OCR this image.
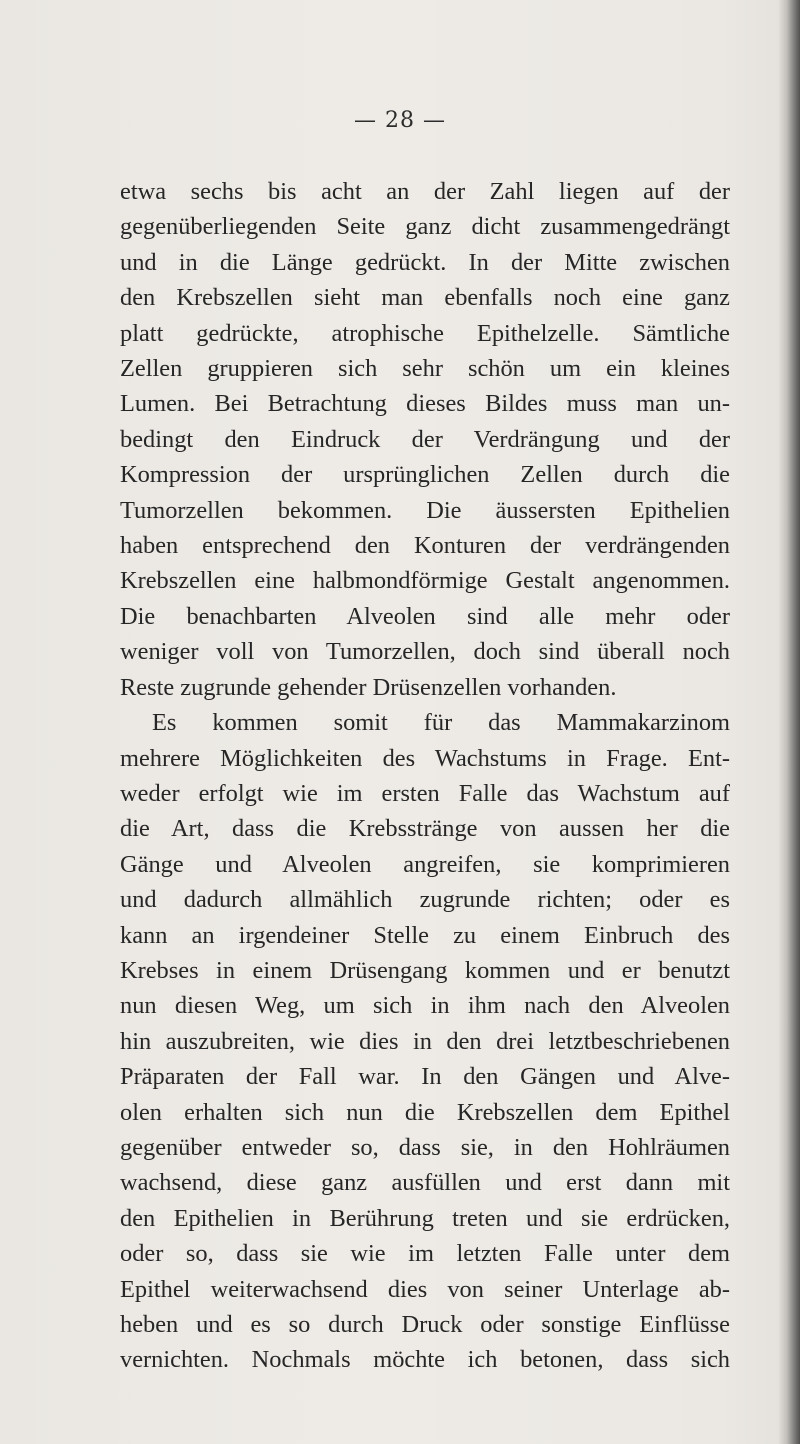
— 28 —
etwa sechs bis acht an der Zahl liegen auf der
gegenüberliegenden Seite ganz dicht zusammengedrängt
und in die Länge gedrückt. In der Mitte zwischen
den Krebszellen sieht man ebenfalls noch eine ganz
platt gedrückte, atrophische Epithelzelle. Sämtliche
Zellen gruppieren sich sehr schön um ein kleines
Lumen. Bei Betrachtung dieses Bildes muss man un-
bedingt den Eindruck der Verdrängung und der
Kompression der ursprünglichen Zellen durch die
Tumorzellen bekommen. Die äussersten Epithelien
haben entsprechend den Konturen der verdrängenden
Krebszellen eine halbmondförmige Gestalt angenommen.
Die benachbarten Alveolen sind alle mehr oder
weniger voll von Tumorzellen, doch sind überall noch
Reste zugrunde gehender Drüsenzellen vorhanden.
Es kommen somit für das Mammakarzinom
mehrere Möglichkeiten des Wachstums in Frage. Ent-
weder erfolgt wie im ersten Falle das Wachstum auf
die Art, dass die Krebsstränge von aussen her die
Gänge und Alveolen angreifen, sie komprimieren
und dadurch allmählich zugrunde richten; oder es
kann an irgendeiner Stelle zu einem Einbruch des
Krebses in einem Drüsengang kommen und er benutzt
nun diesen Weg, um sich in ihm nach den Alveolen
hin auszubreiten, wie dies in den drei letztbeschriebenen
Präparaten der Fall war. In den Gängen und Alve-
olen erhalten sich nun die Krebszellen dem Epithel
gegenüber entweder so, dass sie, in den Hohlräumen
wachsend, diese ganz ausfüllen und erst dann mit
den Epithelien in Berührung treten und sie erdrücken,
oder so, dass sie wie im letzten Falle unter dem
Epithel weiterwachsend dies von seiner Unterlage ab-
heben und es so durch Druck oder sonstige Einflüsse
vernichten. Nochmals möchte ich betonen, dass sich
